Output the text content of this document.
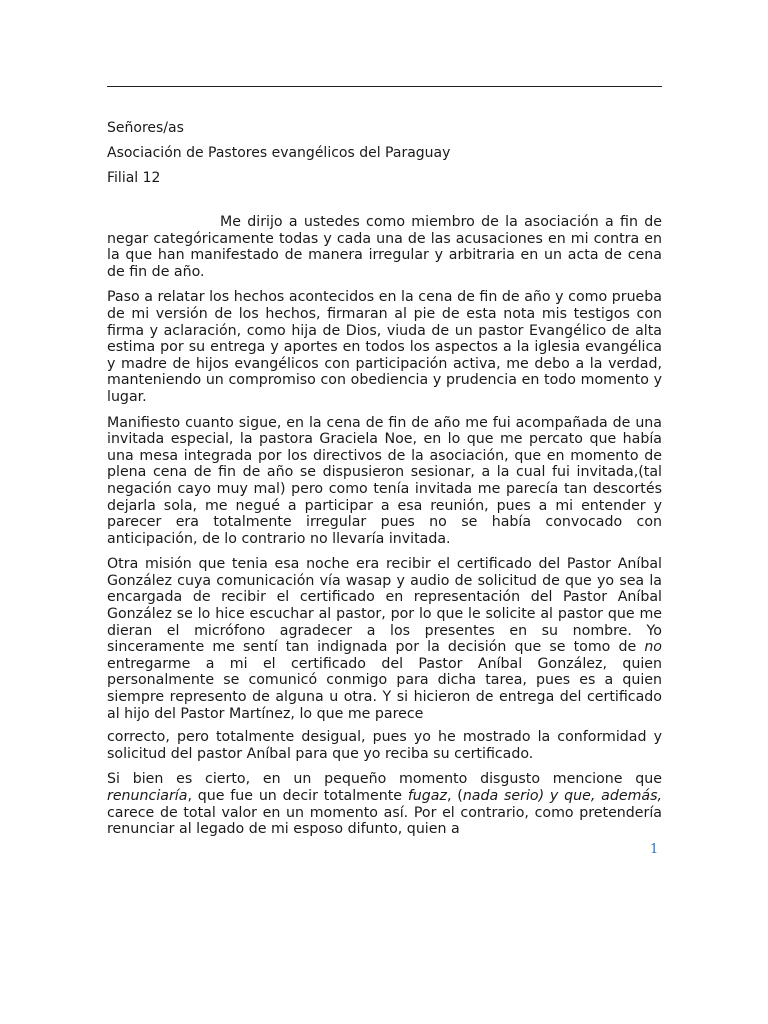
Señores/as
Asociación de Pastores evangélicos del Paraguay
Filial 12

Me dirijo a ustedes como miembro de la asociación a fin de negar categóricamente todas y cada una de las acusaciones en mi contra en la que han manifestado de manera irregular y arbitraria en un acta de cena de fin de año.

Paso a relatar los hechos acontecidos en la cena de fin de año y como prueba de mi versión de los hechos, firmaran al pie de esta nota mis testigos con firma y aclaración, como hija de Dios, viuda de un pastor Evangélico de alta estima por su entrega y aportes en todos los aspectos a la iglesia evangélica y madre de hijos evangélicos con participación activa, me debo a la verdad, manteniendo un compromiso con obediencia y prudencia en todo momento y lugar.

Manifiesto cuanto sigue, en la cena de fin de año me fui acompañada de una invitada especial, la pastora Graciela Noe, en lo que me percato que había una mesa integrada por los directivos de la asociación, que en momento de plena cena de fin de año se dispusieron sesionar, a la cual fui invitada,(tal negación cayo muy mal) pero como tenía invitada me parecía tan descortés dejarla sola, me negué a participar a esa reunión, pues a mi entender y parecer era totalmente irregular pues no se había convocado con anticipación, de lo contrario no llevaría invitada.

Otra misión que tenia esa noche era recibir el certificado del Pastor Aníbal González cuya comunicación vía wasap y audio de solicitud de que yo sea la encargada de recibir el certificado en representación del Pastor Aníbal González se lo hice escuchar al pastor, por lo que le solicite al pastor que me dieran el micrófono agradecer a los presentes en su nombre. Yo sinceramente me sentí tan indignada por la decisión que se tomo de no entregarme a mi el certificado del Pastor Aníbal González, quien personalmente se comunicó conmigo para dicha tarea, pues es a quien siempre represento de alguna u otra. Y si hicieron de entrega del certificado al hijo del Pastor Martínez, lo que me parece

correcto, pero totalmente desigual, pues yo he mostrado la conformidad y solicitud del pastor Aníbal para que yo reciba su certificado.

Si bien es cierto, en un pequeño momento disgusto mencione que renunciaría, que fue un decir totalmente fugaz, (nada serio) y que, además, carece de total valor en un momento así. Por el contrario, como pretendería renunciar al legado de mi esposo difunto, quien a

1
